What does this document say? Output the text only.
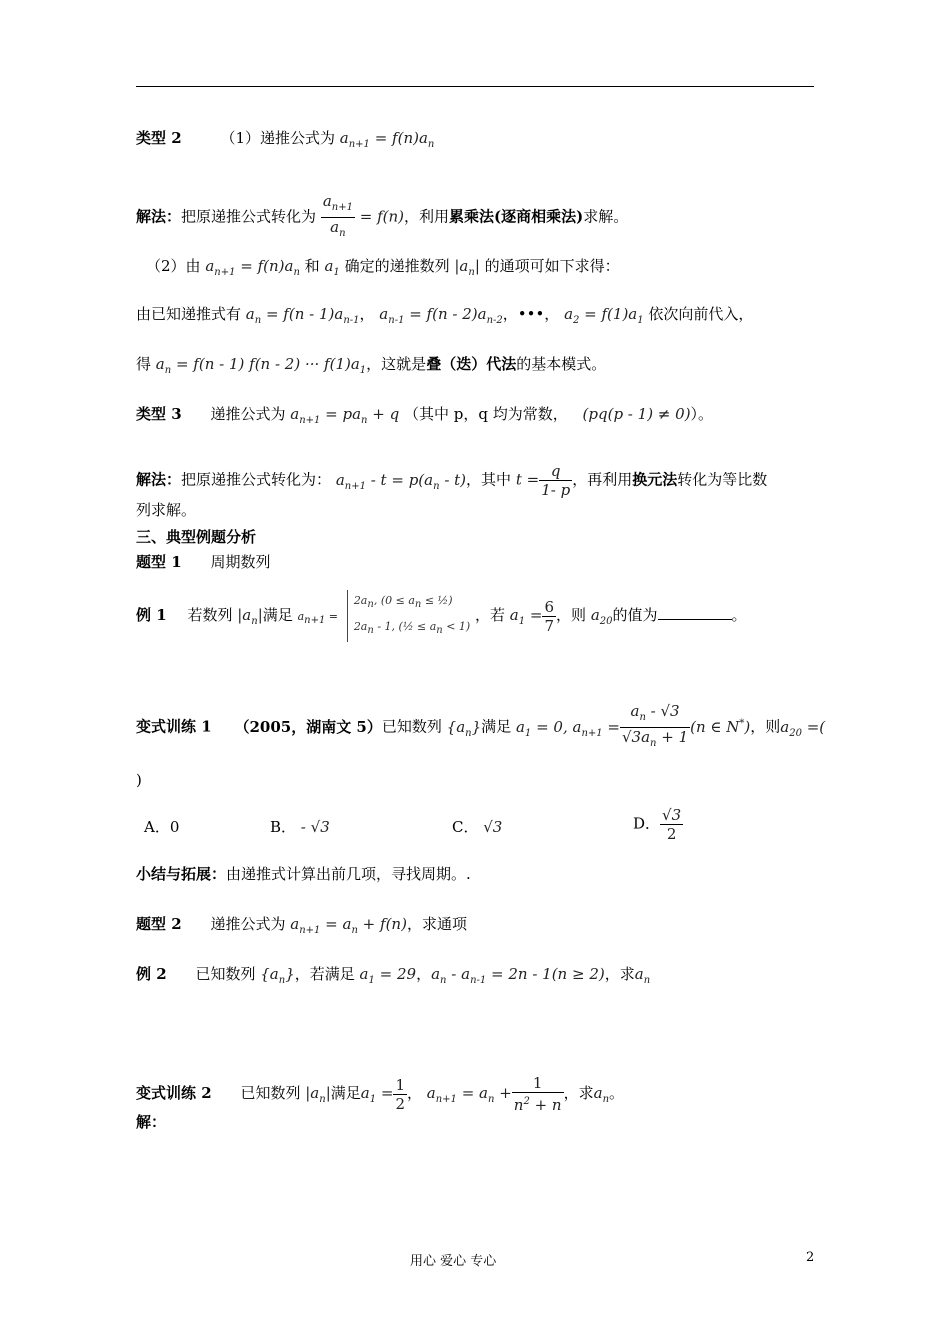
类型 2	（1）递推公式为 $a_{n+1} = f(n)a_n$
解法：把原递推公式转化为 $\frac{a_{n+1}}{a_n} = f(n)$，利用累乘法(逐商相乘法)求解。
（2）由 $a_{n+1} = f(n)a_n$ 和 $a_1$ 确定的递推数列 $|a_n|$ 的通项可如下求得：
由已知递推式有 $a_n = f(n - 1)a_{n-1}$， $a_{n-1} = f(n - 2)a_{n-2}$，•••， $a_2 = f(1)a_1$ 依次向前代入，
得 $a_n = f(n - 1)$ f(n - 2) ··· $f(1)a_1$，这就是叠（迭）代法的基本模式。
类型 3 递推公式为 $a_{n+1} = pa_n + q$ （其中 p，q 均为常数， (pq(p - 1) ≠ 0)）。
解法：把原递推公式转化为： $a_{n+1} - t = p(a_n - t)$，其中 $t = \frac{q}{1- p}$ ，再利用换元法转化为等比数
列求解。
三、典型例题分析
题型 1 周期数列
例 1 若数列 $|a_n|$满足 $a_{n+1} = 2a_n$, ($0 \le a_n$ ≤ ½)
$2a_n - 1$, (½ ≤ $a_n < 1$) ，若 $a_1 = \frac{6}{7}$ ，则 $a_{20}$的值为	。
变式训练 1 （2005，湖南文 5）已知数列 $\{a_n\}$满足 $a_1 = 0$, $a_{n+1} = \frac{a_n - √3}{√3a_n + 1} (n$ ∈ N*)，则$a_{20}$ =(
)
A．0	B． - √3	C． √3	D． $\frac{√3}{2}$
小结与拓展：由递推式计算出前几项，寻找周期。.
题型 2 递推公式为 $a_{n+1} = a_n + f(n)$，求通项
例 2 已知数列 $\{a_n\}$，若满足 $a_1 = 29$，$a_n - a_{n-1} = 2n - 1(n \ge 2)$，求$a_n$
变式训练 2 已知数列 $|a_n|$满足$a_1 = \frac{1}{2}$ ， $a_{n+1} = a_n + \frac{1}{n^2 + n}$ ，求$a_n$。
解：
用心 爱心 专心	2
